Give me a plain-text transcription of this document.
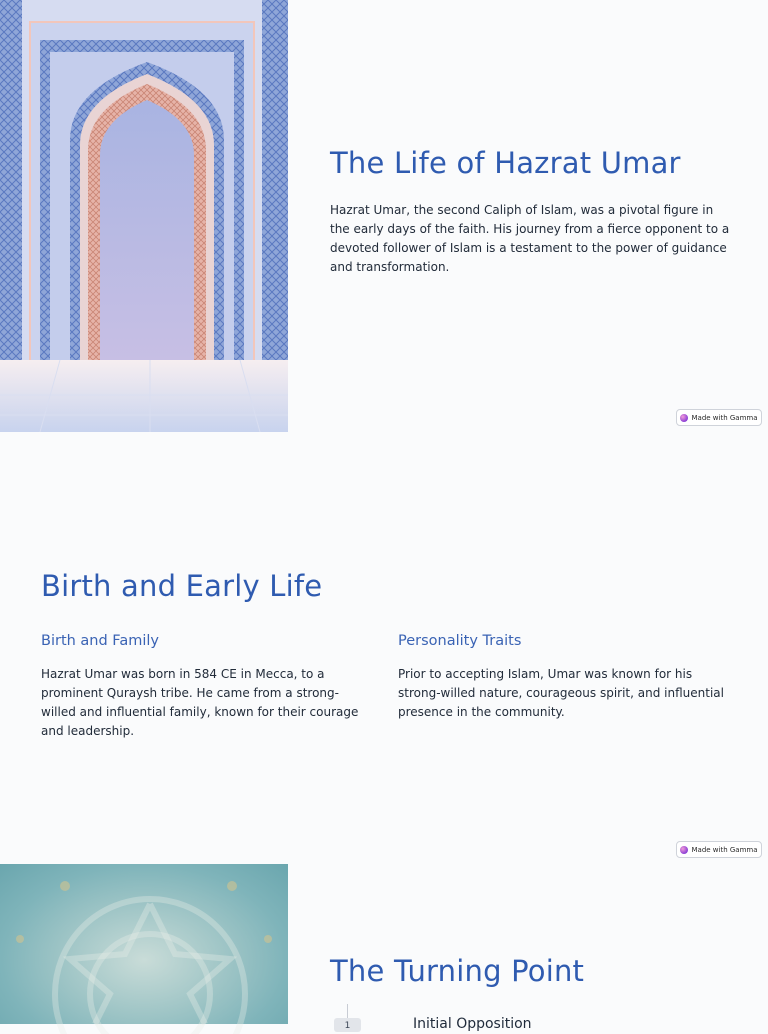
The Life of Hazrat Umar

Hazrat Umar, the second Caliph of Islam, was a pivotal figure in the early days of the faith. His journey from a fierce opponent to a devoted follower of Islam is a testament to the power of guidance and transformation.

Made with Gamma
Birth and Early Life
Birth and Family

Hazrat Umar was born in 584 CE in Mecca, to a prominent Quraysh tribe. He came from a strong-willed and influential family, known for their courage and leadership.

Personality Traits

Prior to accepting Islam, Umar was known for his strong-willed nature, courageous spirit, and influential presence in the community.

Made with Gamma
The Turning Point
1	Initial Opposition
